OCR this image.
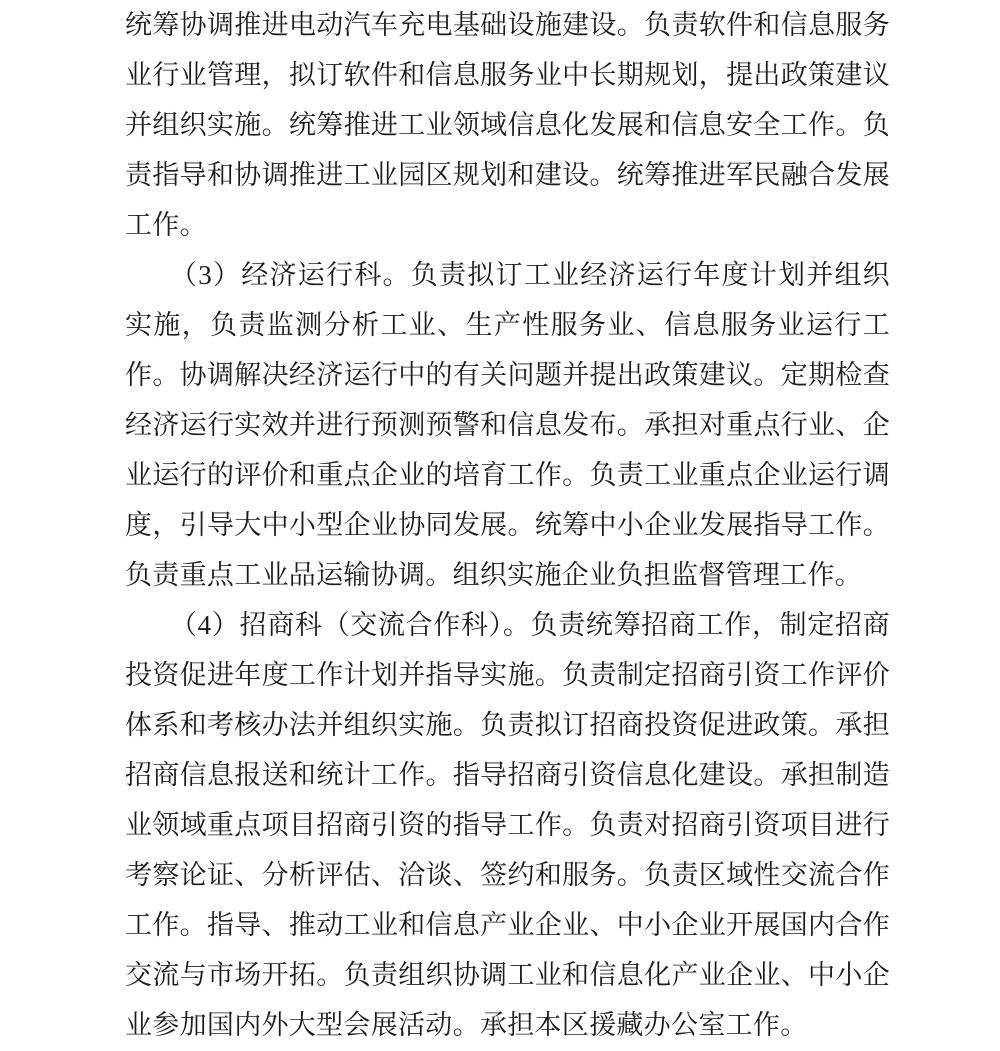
统筹协调推进电动汽车充电基础设施建设。负责软件和信息服务业行业管理，拟订软件和信息服务业中长期规划，提出政策建议并组织实施。统筹推进工业领域信息化发展和信息安全工作。负责指导和协调推进工业园区规划和建设。统筹推进军民融合发展工作。

（3）经济运行科。负责拟订工业经济运行年度计划并组织实施，负责监测分析工业、生产性服务业、信息服务业运行工作。协调解决经济运行中的有关问题并提出政策建议。定期检查经济运行实效并进行预测预警和信息发布。承担对重点行业、企业运行的评价和重点企业的培育工作。负责工业重点企业运行调度，引导大中小型企业协同发展。统筹中小企业发展指导工作。负责重点工业品运输协调。组织实施企业负担监督管理工作。

（4）招商科（交流合作科）。负责统筹招商工作，制定招商投资促进年度工作计划并指导实施。负责制定招商引资工作评价体系和考核办法并组织实施。负责拟订招商投资促进政策。承担招商信息报送和统计工作。指导招商引资信息化建设。承担制造业领域重点项目招商引资的指导工作。负责对招商引资项目进行考察论证、分析评估、洽谈、签约和服务。负责区域性交流合作工作。指导、推动工业和信息产业企业、中小企业开展国内合作交流与市场开拓。负责组织协调工业和信息化产业企业、中小企业参加国内外大型会展活动。承担本区援藏办公室工作。
